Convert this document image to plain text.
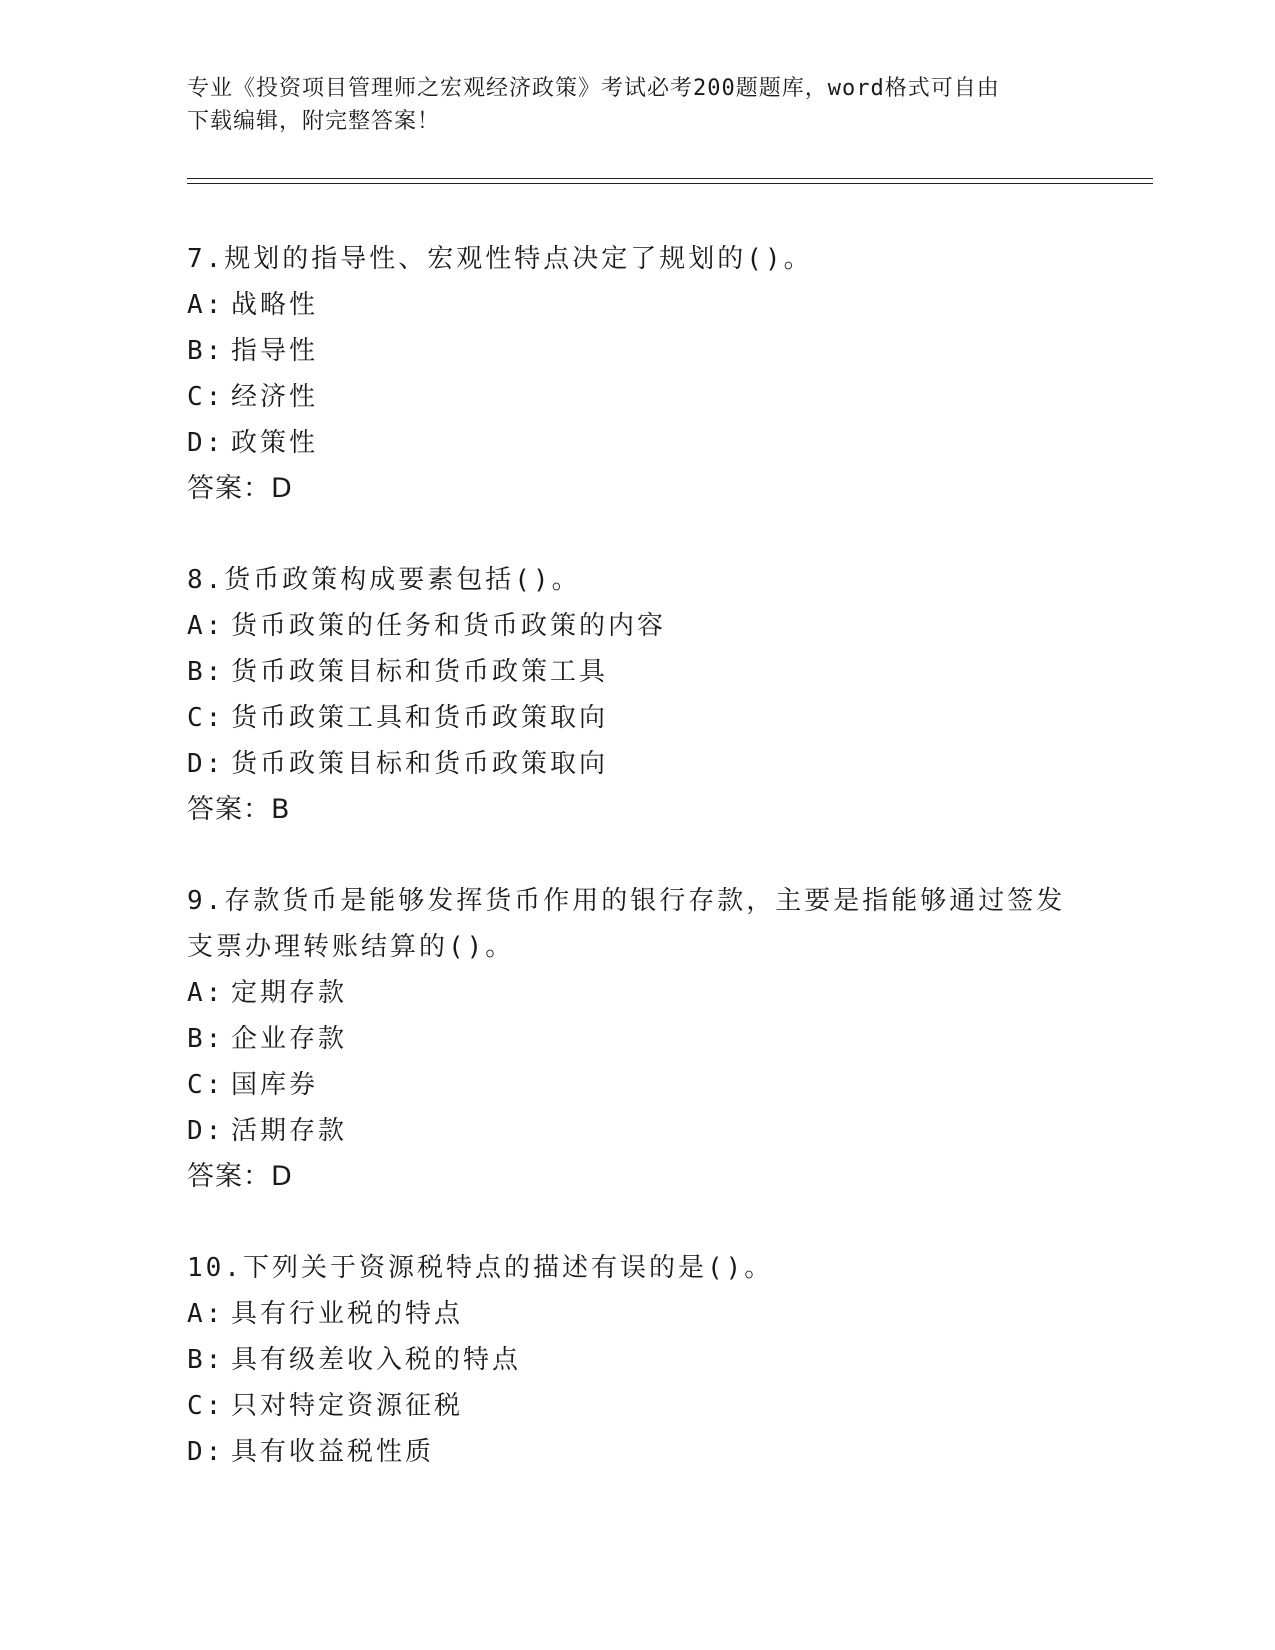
专业《投资项目管理师之宏观经济政策》考试必考200题题库，word格式可自由
下载编辑，附完整答案！
7.规划的指导性、宏观性特点决定了规划的()。
A: 战略性
B: 指导性
C: 经济性
D: 政策性
答案：D
8.货币政策构成要素包括()。
A: 货币政策的任务和货币政策的内容
B: 货币政策目标和货币政策工具
C: 货币政策工具和货币政策取向
D: 货币政策目标和货币政策取向
答案：B
9.存款货币是能够发挥货币作用的银行存款，主要是指能够通过签发
支票办理转账结算的()。
A: 定期存款
B: 企业存款
C: 国库券
D: 活期存款
答案：D
10.下列关于资源税特点的描述有误的是()。
A: 具有行业税的特点
B: 具有级差收入税的特点
C: 只对特定资源征税
D: 具有收益税性质
